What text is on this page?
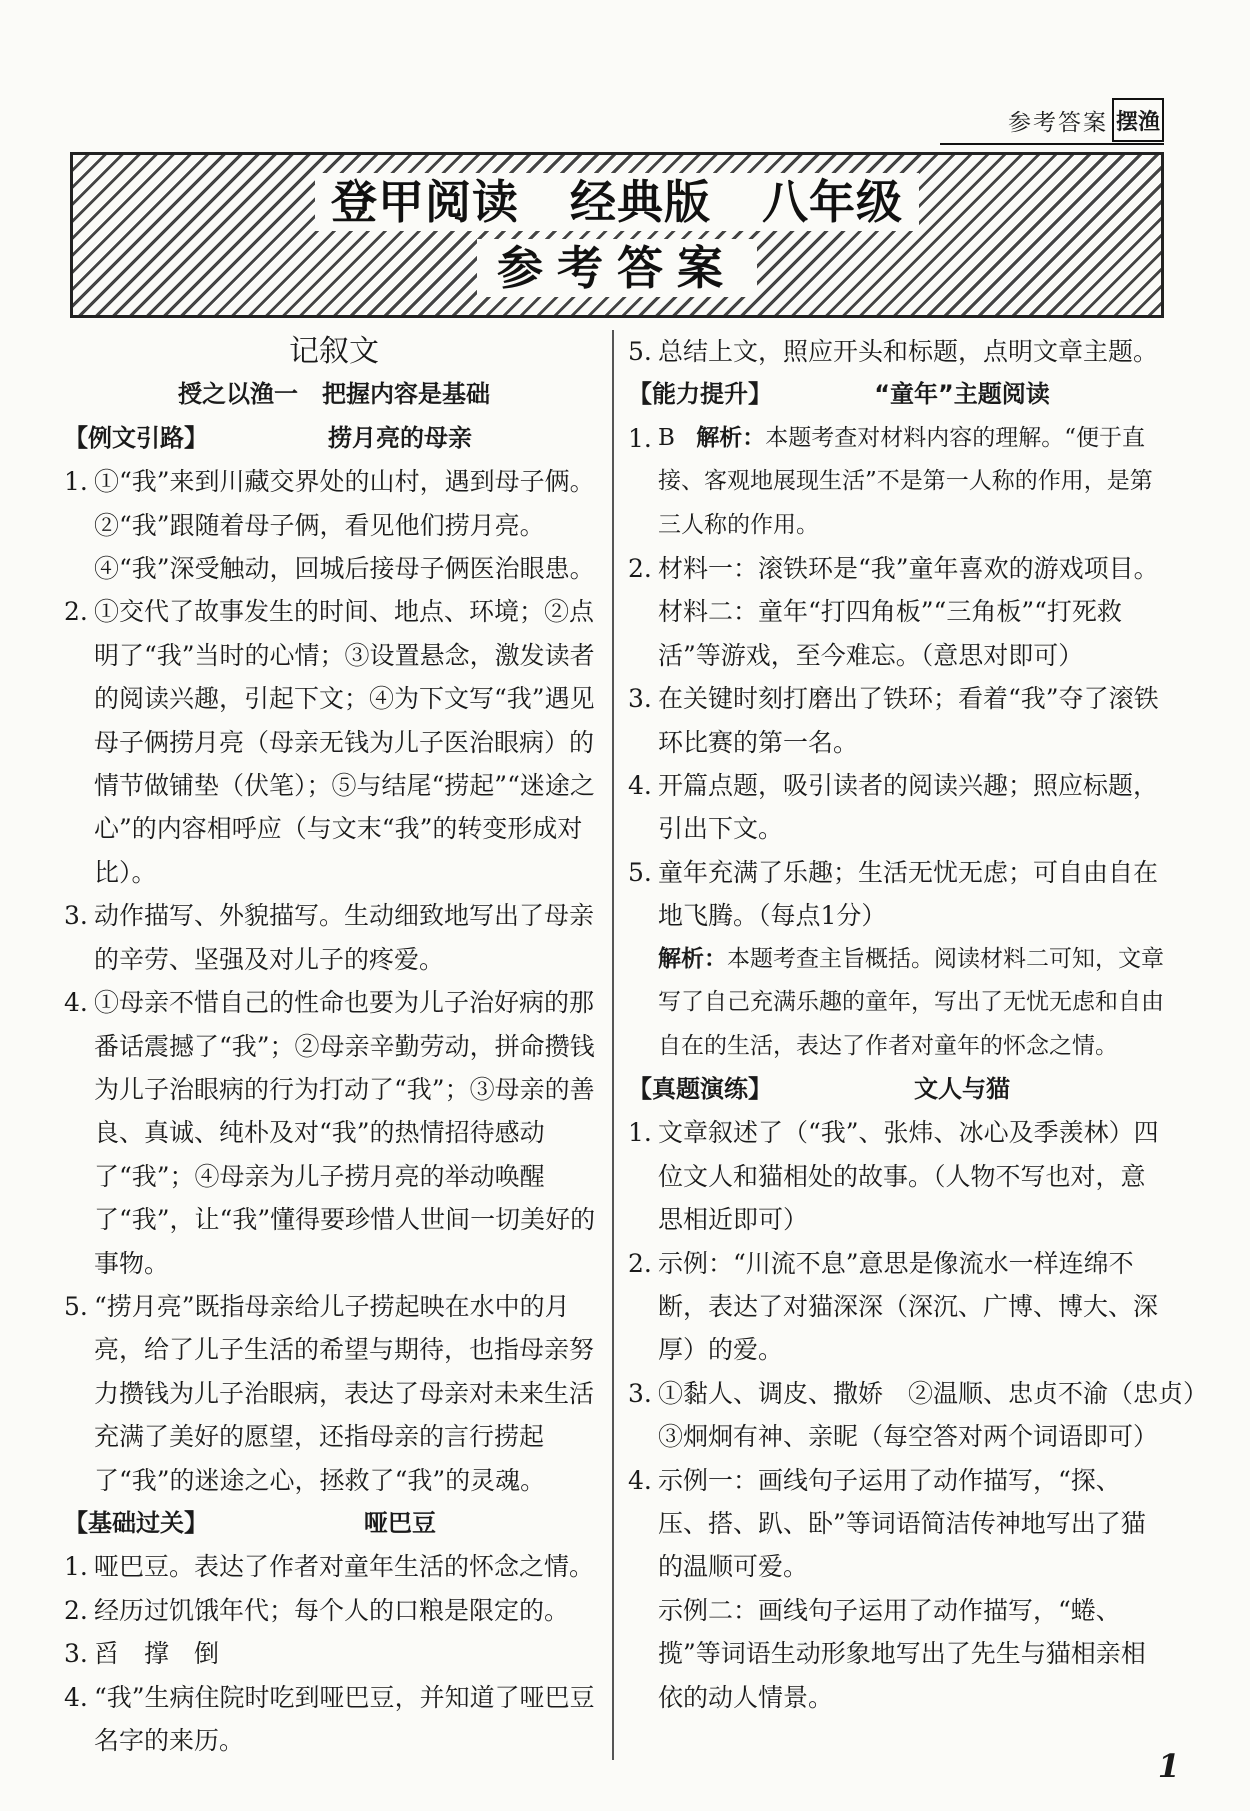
参考答案 摆渔
登甲阅读   经典版   八年级
参考答案
记叙文
授之以渔一　把握内容是基础
【例文引路】	捞月亮的母亲
1. ①“我”来到川藏交界处的山村，遇到母子俩。
②“我”跟随着母子俩，看见他们捞月亮。
④“我”深受触动，回城后接母子俩医治眼患。
2. ①交代了故事发生的时间、地点、环境；②点明了“我”当时的心情；③设置悬念，激发读者的阅读兴趣，引起下文；④为下文写“我”遇见母子俩捞月亮（母亲无钱为儿子医治眼病）的情节做铺垫（伏笔）；⑤与结尾“捞起”“迷途之心”的内容相呼应（与文末“我”的转变形成对比）。
3. 动作描写、外貌描写。生动细致地写出了母亲的辛劳、坚强及对儿子的疼爱。
4. ①母亲不惜自己的性命也要为儿子治好病的那番话震撼了“我”；②母亲辛勤劳动，拼命攒钱为儿子治眼病的行为打动了“我”；③母亲的善良、真诚、纯朴及对“我”的热情招待感动了“我”；④母亲为儿子捞月亮的举动唤醒了“我”，让“我”懂得要珍惜人世间一切美好的事物。
5. “捞月亮”既指母亲给儿子捞起映在水中的月亮，给了儿子生活的希望与期待，也指母亲努力攒钱为儿子治眼病，表达了母亲对未来生活充满了美好的愿望，还指母亲的言行捞起了“我”的迷途之心，拯救了“我”的灵魂。
【基础过关】	哑巴豆
1. 哑巴豆。表达了作者对童年生活的怀念之情。
2. 经历过饥饿年代；每个人的口粮是限定的。
3. 舀　撑　倒
4. “我”生病住院时吃到哑巴豆，并知道了哑巴豆名字的来历。
5. 总结上文，照应开头和标题，点明文章主题。
【能力提升】	“童年”主题阅读
1. B 解析：本题考查对材料内容的理解。“便于直接、客观地展现生活”不是第一人称的作用，是第三人称的作用。
2. 材料一：滚铁环是“我”童年喜欢的游戏项目。
材料二：童年“打四角板”“三角板”“打死救活”等游戏，至今难忘。（意思对即可）
3. 在关键时刻打磨出了铁环；看着“我”夺了滚铁环比赛的第一名。
4. 开篇点题，吸引读者的阅读兴趣；照应标题，引出下文。
5. 童年充满了乐趣；生活无忧无虑；可自由自在地飞腾。（每点1分）
解析：本题考查主旨概括。阅读材料二可知，文章写了自己充满乐趣的童年，写出了无忧无虑和自由自在的生活，表达了作者对童年的怀念之情。
【真题演练】	文人与猫
1. 文章叙述了（“我”、张炜、冰心及季羡林）四位文人和猫相处的故事。（人物不写也对，意思相近即可）
2. 示例：“川流不息”意思是像流水一样连绵不断，表达了对猫深深（深沉、广博、博大、深厚）的爱。
3. ①黏人、调皮、撒娇　②温顺、忠贞不渝（忠贞）
③炯炯有神、亲昵（每空答对两个词语即可）
4. 示例一：画线句子运用了动作描写，“探、压、搭、趴、卧”等词语简洁传神地写出了猫的温顺可爱。
示例二：画线句子运用了动作描写，“蜷、揽”等词语生动形象地写出了先生与猫相亲相依的动人情景。
1
